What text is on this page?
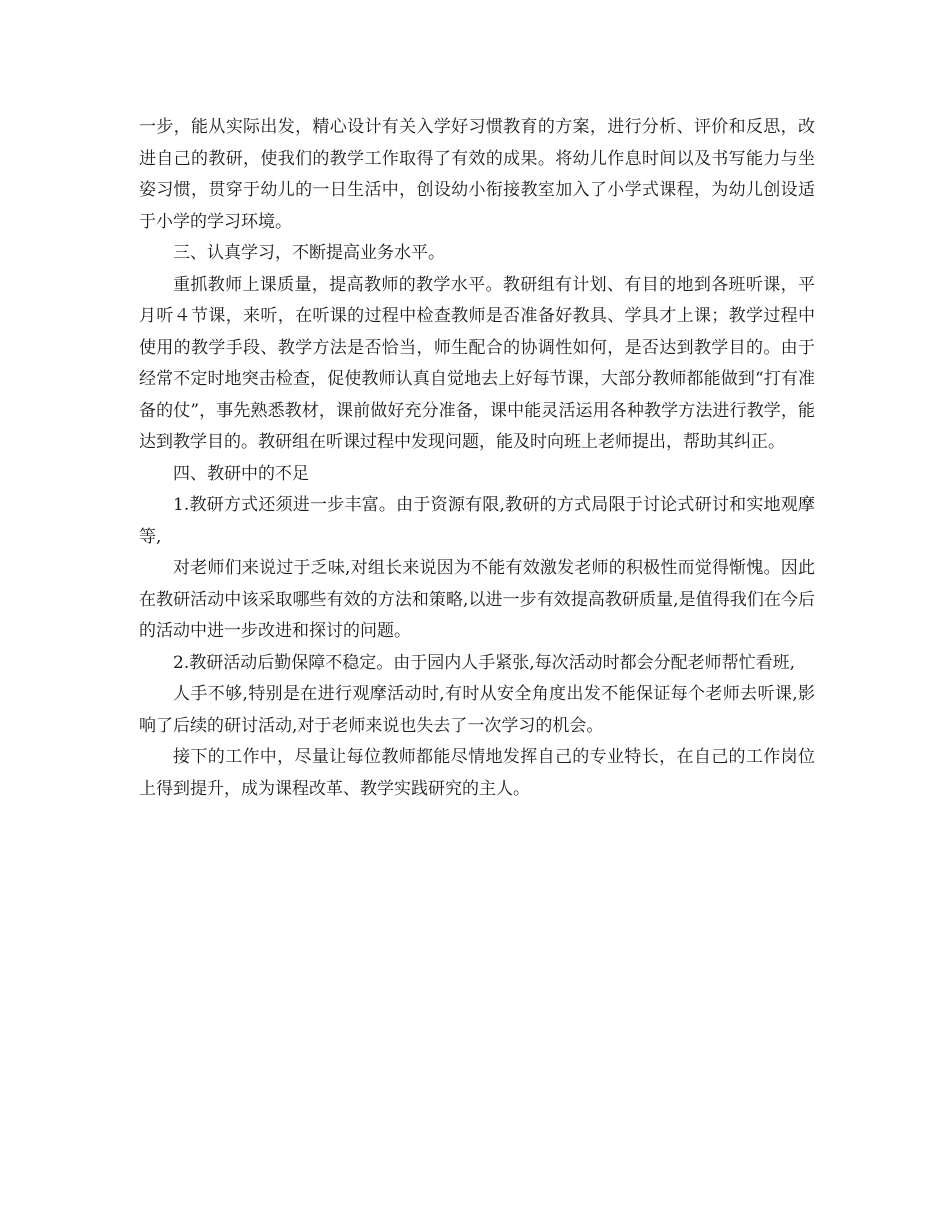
一步，能从实际出发，精心设计有关入学好习惯教育的方案，进行分析、评价和反思，改进自己的教研，使我们的教学工作取得了有效的成果。将幼儿作息时间以及书写能力与坐姿习惯，贯穿于幼儿的一日生活中，创设幼小衔接教室加入了小学式课程，为幼儿创设适于小学的学习环境。

三、认真学习，不断提高业务水平。

重抓教师上课质量，提高教师的教学水平。教研组有计划、有目的地到各班听课，平月听４节课，来听，在听课的过程中检查教师是否准备好教具、学具才上课；教学过程中使用的教学手段、教学方法是否恰当，师生配合的协调性如何，是否达到教学目的。由于经常不定时地突击检查，促使教师认真自觉地去上好每节课，大部分教师都能做到“打有准备的仗”，事先熟悉教材，课前做好充分准备，课中能灵活运用各种教学方法进行教学，能达到教学目的。教研组在听课过程中发现问题，能及时向班上老师提出，帮助其纠正。

四、教研中的不足

1.教研方式还须进一步丰富。由于资源有限,教研的方式局限于讨论式研讨和实地观摩等,

对老师们来说过于乏味,对组长来说因为不能有效激发老师的积极性而觉得惭愧。因此在教研活动中该采取哪些有效的方法和策略,以进一步有效提高教研质量,是值得我们在今后的活动中进一步改进和探讨的问题。

2.教研活动后勤保障不稳定。由于园内人手紧张,每次活动时都会分配老师帮忙看班,

人手不够,特别是在进行观摩活动时,有时从安全角度出发不能保证每个老师去听课,影响了后续的研讨活动,对于老师来说也失去了一次学习的机会。

接下的工作中，尽量让每位教师都能尽情地发挥自己的专业特长，在自己的工作岗位上得到提升，成为课程改革、教学实践研究的主人。
